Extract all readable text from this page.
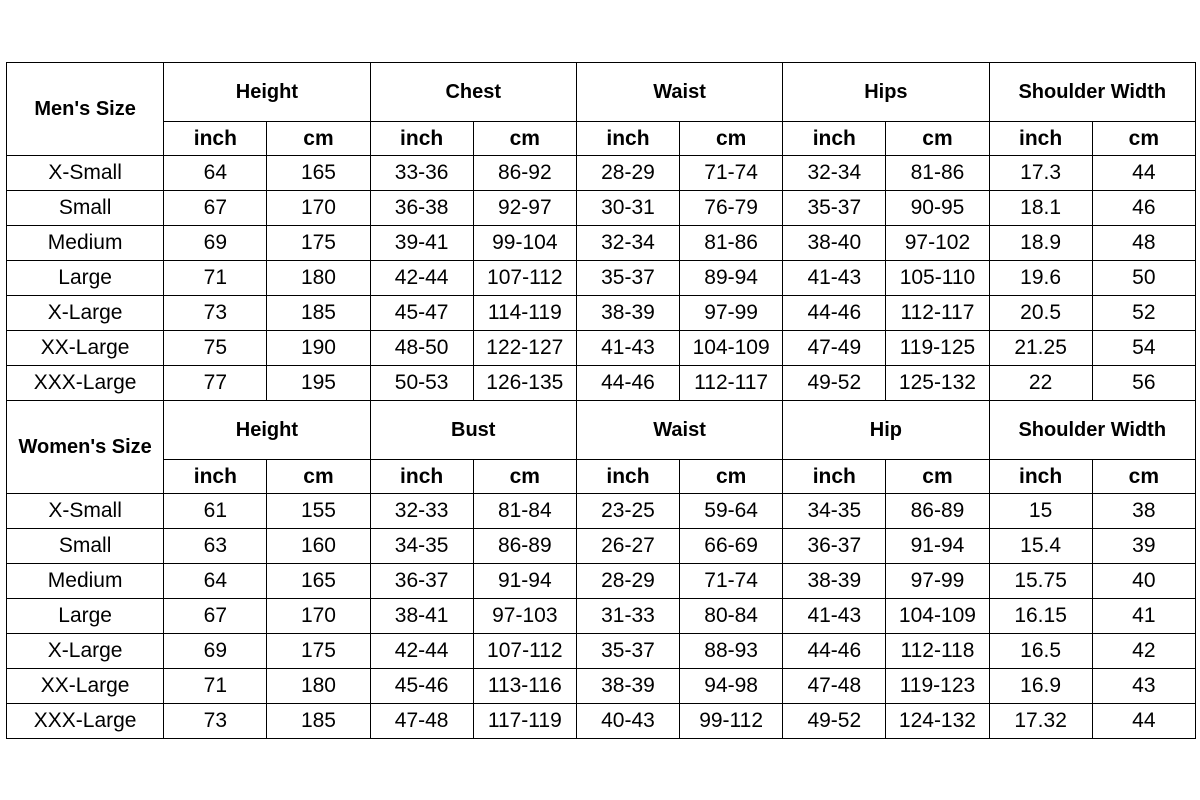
Men's Size	Height		Chest		Waist		Hips		Shoulder Width	
	inch	cm	inch	cm	inch	cm	inch	cm	inch	cm
X-Small	64	165	33-36	86-92	28-29	71-74	32-34	81-86	17.3	44
Small	67	170	36-38	92-97	30-31	76-79	35-37	90-95	18.1	46
Medium	69	175	39-41	99-104	32-34	81-86	38-40	97-102	18.9	48
Large	71	180	42-44	107-112	35-37	89-94	41-43	105-110	19.6	50
X-Large	73	185	45-47	114-119	38-39	97-99	44-46	112-117	20.5	52
XX-Large	75	190	48-50	122-127	41-43	104-109	47-49	119-125	21.25	54
XXX-Large	77	195	50-53	126-135	44-46	112-117	49-52	125-132	22	56
Women's Size	Height		Bust		Waist		Hip		Shoulder Width	
	inch	cm	inch	cm	inch	cm	inch	cm	inch	cm
X-Small	61	155	32-33	81-84	23-25	59-64	34-35	86-89	15	38
Small	63	160	34-35	86-89	26-27	66-69	36-37	91-94	15.4	39
Medium	64	165	36-37	91-94	28-29	71-74	38-39	97-99	15.75	40
Large	67	170	38-41	97-103	31-33	80-84	41-43	104-109	16.15	41
X-Large	69	175	42-44	107-112	35-37	88-93	44-46	112-118	16.5	42
XX-Large	71	180	45-46	113-116	38-39	94-98	47-48	119-123	16.9	43
XXX-Large	73	185	47-48	117-119	40-43	99-112	49-52	124-132	17.32	44
